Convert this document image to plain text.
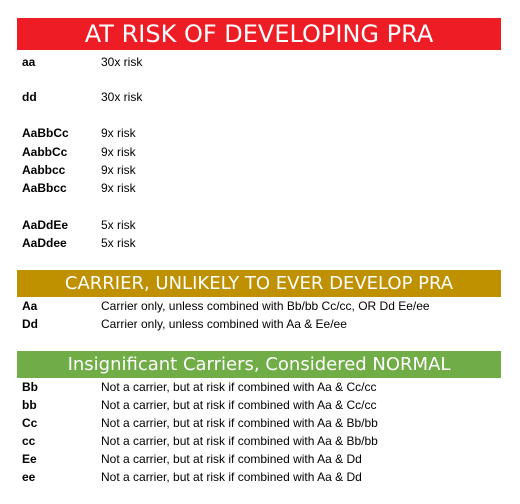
AT RISK OF DEVELOPING PRA
aa	30x risk
dd	30x risk
AaBbCc	9x risk
AabbCc	9x risk
Aabbcc	9x risk
AaBbcc	9x risk
AaDdEe	5x risk
AaDdee	5x risk
CARRIER, UNLIKELY TO EVER DEVELOP PRA
Aa	Carrier only, unless combined with Bb/bb Cc/cc, OR Dd Ee/ee
Dd	Carrier only, unless combined with Aa & Ee/ee
Insignificant Carriers, Considered NORMAL
Bb	Not a carrier, but at risk if combined with Aa & Cc/cc
bb	Not a carrier, but at risk if combined with Aa & Cc/cc
Cc	Not a carrier, but at risk if combined with Aa & Bb/bb
cc	Not a carrier, but at risk if combined with Aa & Bb/bb
Ee	Not a carrier, but at risk if combined with Aa & Dd
ee	Not a carrier, but at risk if combined with Aa & Dd
